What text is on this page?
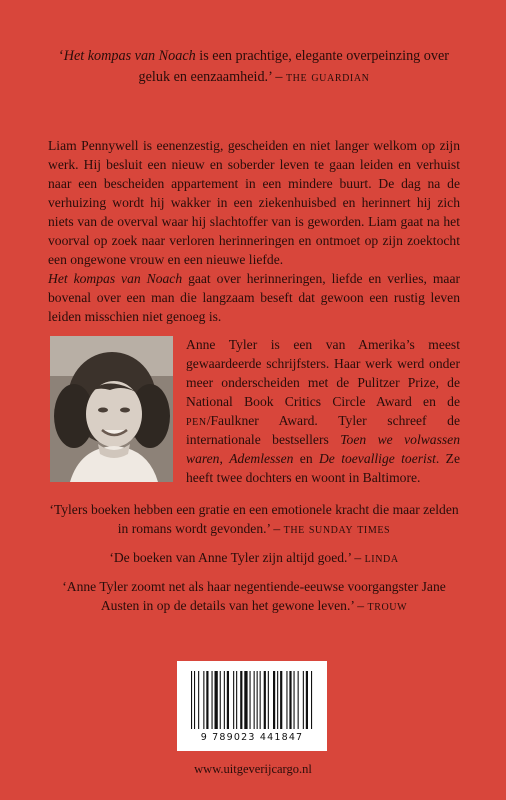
‘Het kompas van Noach is een prachtige, elegante overpeinzing over geluk en eenzaamheid.’ – the guardian

Liam Pennywell is eenenzestig, gescheiden en niet langer welkom op zijn werk. Hij besluit een nieuw en soberder leven te gaan leiden en verhuist naar een bescheiden appartement in een mindere buurt. De dag na de verhuizing wordt hij wakker in een ziekenhuisbed en herinnert hij zich niets van de overval waar hij slachtoffer van is geworden. Liam gaat na het voorval op zoek naar verloren herinneringen en ontmoet op zijn zoektocht een ongewone vrouw en een nieuwe liefde.

Het kompas van Noach gaat over herinneringen, liefde en verlies, maar bovenal over een man die langzaam beseft dat gewoon een rustig leven leiden misschien niet genoeg is.

Anne Tyler is een van Amerika’s meest gewaardeerde schrijfsters. Haar werk werd onder meer onderscheiden met de Pulitzer Prize, de National Book Critics Circle Award en de pen/Faulkner Award. Tyler schreef de internationale bestsellers Toen we volwassen waren, Ademlessen en De toevallige toerist. Ze heeft twee dochters en woont in Baltimore.

‘Tylers boeken hebben een gratie en een emotionele kracht die maar zelden in romans wordt gevonden.’ – the sunday times

‘De boeken van Anne Tyler zijn altijd goed.’ – linda

‘Anne Tyler zoomt net als haar negentiende-eeuwse voorgangster Jane Austen in op de details van het gewone leven.’ – trouw

9 789023 441847
www.uitgeverijcargo.nl
